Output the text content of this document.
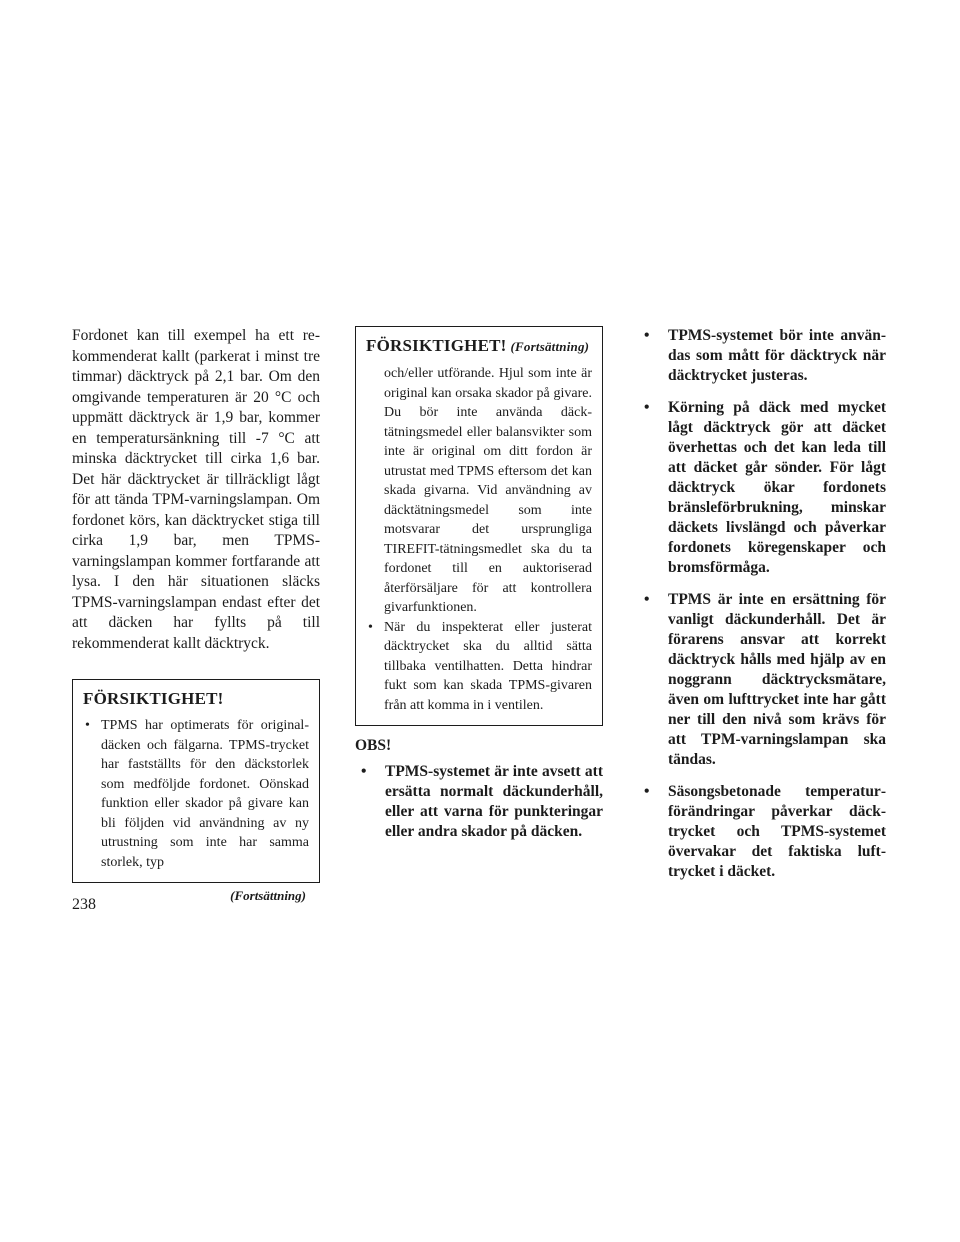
Fordonet kan till exempel ha ett rekommenderat kallt (parkerat i minst tre timmar) däcktryck på 2,1 bar. Om den omgivande temperaturen är 20 °C och uppmätt däcktryck är 1,9 bar, kommer en temperatursänkning till -7 °C att minska däcktrycket till cirka 1,6 bar. Det här däcktrycket är tillräckligt lågt för att tända TPM-varningslampan. Om fordonet körs, kan däcktrycket stiga till cirka 1,9 bar, men TPMS-varningslampan kommer fortfarande att lysa. I den här situationen släcks TPMS-varningslampan endast efter det att däcken har fyllts på till rekommenderat kallt däcktryck.

FÖRSIKTIGHET!

• TPMS har optimerats för originaldäcken och fälgarna. TPMS-trycket har fastställts för den däckstorlek som medföljde fordonet. Oönskad funktion eller skador på givare kan bli följden vid användning av ny utrustning som inte har samma storlek, typ

(Fortsättning)
FÖRSIKTIGHET! (Fortsättning)

och/eller utförande. Hjul som inte är original kan orsaka skador på givare. Du bör inte använda däcktätningsmedel eller balansvikter som inte är original om ditt fordon är utrustat med TPMS eftersom det kan skada givarna. Vid användning av däcktätningsmedel som inte motsvarar det ursprungliga TIREFIT-tätningsmedlet ska du ta fordonet till en auktoriserad återförsäljare för att kontrollera givarfunktionen.

• När du inspekterat eller justerat däcktrycket ska du alltid sätta tillbaka ventilhatten. Detta hindrar fukt som kan skada TPMS-givaren från att komma in i ventilen.

OBS!

• TPMS-systemet är inte avsett att ersätta normalt däckunderhåll, eller att varna för punkteringar eller andra skador på däcken.

• TPMS-systemet bör inte användas som mått för däcktryck när däcktrycket justeras.

• Körning på däck med mycket lågt däcktryck gör att däcket överhettas och det kan leda till att däcket går sönder. För lågt däcktryck ökar fordonets bränsleförbrukning, minskar däckets livslängd och påverkar fordonets köregenskaper och bromsförmåga.

• TPMS är inte en ersättning för vanligt däckunderhåll. Det är förarens ansvar att korrekt däcktryck hålls med hjälp av en noggrann däcktrycksmätare, även om lufttrycket inte har gått ner till den nivå som krävs för att TPM-varningslampan ska tändas.

• Säsongsbetonade temperaturförändringar påverkar däcktrycket och TPMS-systemet övervakar det faktiska lufttrycket i däcket.

238
